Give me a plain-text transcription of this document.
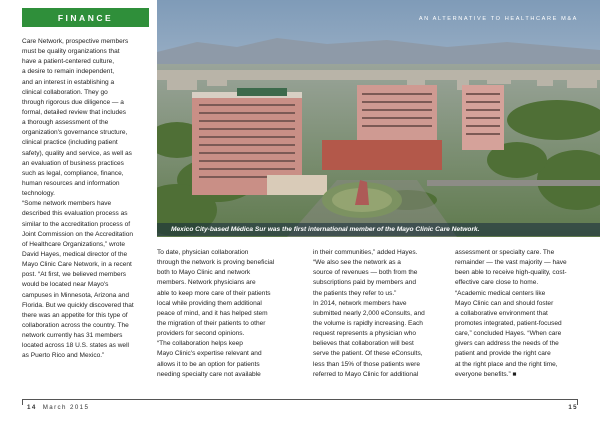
FINANCE	AN ALTERNATIVE TO HEALTHCARE M&A
Mexico City-based Médica Sur was the first international member of the Mayo Clinic Care Network.
Care Network, prospective members
must be quality organizations that
have a patient-centered culture,
a desire to remain independent,
and an interest in establishing a
clinical collaboration. They go
through rigorous due diligence — a
formal, detailed review that includes
a thorough assessment of the
organization's governance structure,
clinical practice (including patient
safety), quality and service, as well as
an evaluation of business practices
such as legal, compliance, finance,
human resources and information
technology.
“Some network members have
described this evaluation process as
similar to the accreditation process of
Joint Commission on the Accreditation
of Healthcare Organizations,” wrote
David Hayes, medical director of the
Mayo Clinic Care Network, in a recent
post. “At first, we believed members
would be located near Mayo's
campuses in Minnesota, Arizona and
Florida. But we quickly discovered that
there was an appetite for this type of
collaboration across the country. The
network currently has 31 members
located across 18 U.S. states as well
as Puerto Rico and Mexico.”
To date, physician collaboration
through the network is proving beneficial
both to Mayo Clinic and network
members. Network physicians are
able to keep more care of their patients
local while providing them additional
peace of mind, and it has helped stem
the migration of their patients to other
providers for second opinions.
“The collaboration helps keep
Mayo Clinic's expertise relevant and
allows it to be an option for patients
needing specialty care not available
in their communities,” added Hayes.
“We also see the network as a
source of revenues — both from the
subscriptions paid by members and
the patients they refer to us.”
In 2014, network members have
submitted nearly 2,000 eConsults, and
the volume is rapidly increasing. Each
request represents a physician who
believes that collaboration will best
serve the patient. Of these eConsults,
less than 15% of those patients were
referred to Mayo Clinic for additional
assessment or specialty care. The
remainder — the vast majority — have
been able to receive high-quality, cost-
effective care close to home.
“Academic medical centers like
Mayo Clinic can and should foster
a collaborative environment that
promotes integrated, patient-focused
care,” concluded Hayes. “When care
givers can address the needs of the
patient and provide the right care
at the right place and the right time,
everyone benefits.” ■
14 March 2015	15
